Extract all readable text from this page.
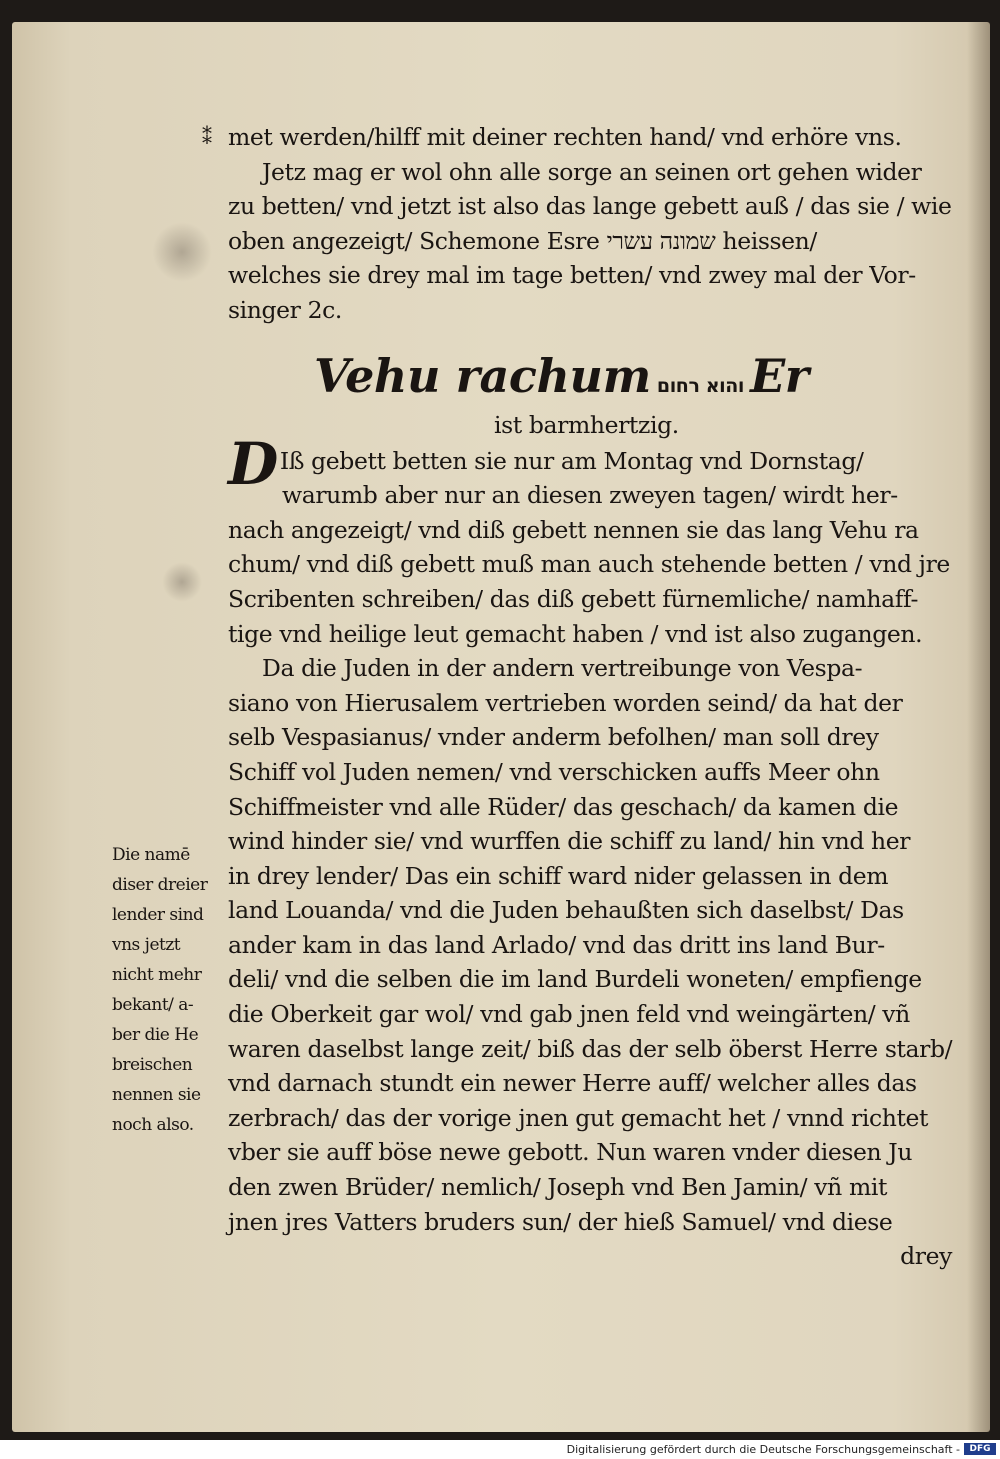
⁑ met werden/hilff mit deiner rechten hand/ vnd erhöre vns.
Jetz mag er wol ohn alle sorge an seinen ort gehen wider
zu betten/ vnd jetzt ist also das lange gebett auß / das sie / wie
oben angezeigt/ Schemone Esre שמונה עשרי heissen/
welches sie drey mal im tage betten/ vnd zwey mal der Vor-
singer 2c.
Vehu rachum והוא רחום Er
ist barmhertzig.
DIß gebett betten sie nur am Montag vnd Dornstag/
warumb aber nur an diesen zweyen tagen/ wirdt her-
nach angezeigt/ vnd diß gebett nennen sie das lang Vehu ra
chum/ vnd diß gebett muß man auch stehende betten / vnd jre
Scribenten schreiben/ das diß gebett fürnemliche/ namhaff-
tige vnd heilige leut gemacht haben / vnd ist also zugangen.
Da die Juden in der andern vertreibunge von Vespa-
siano von Hierusalem vertrieben worden seind/ da hat der
selb Vespasianus/ vnder anderm befolhen/ man soll drey
Schiff vol Juden nemen/ vnd verschicken auffs Meer ohn
Schiffmeister vnd alle Rüder/ das geschach/ da kamen die
wind hinder sie/ vnd wurffen die schiff zu land/ hin vnd her
in drey lender/ Das ein schiff ward nider gelassen in dem
land Louanda/ vnd die Juden behaußten sich daselbst/ Das
ander kam in das land Arlado/ vnd das dritt ins land Bur-
deli/ vnd die selben die im land Burdeli woneten/ empfienge
die Oberkeit gar wol/ vnd gab jnen feld vnd weingärten/ vñ
waren daselbst lange zeit/ biß das der selb öberst Herre starb/
vnd darnach stundt ein newer Herre auff/ welcher alles das
zerbrach/ das der vorige jnen gut gemacht het / vnnd richtet
vber sie auff böse newe gebott. Nun waren vnder diesen Ju
den zwen Brüder/ nemlich/ Joseph vnd Ben Jamin/ vñ mit
jnen jres Vatters bruders sun/ der hieß Samuel/ vnd diese
drey
Die namē
diser dreier
lender sind
vns jetzt
nicht mehr
bekant/ a-
ber die He
breischen
nennen sie
noch also.
Digitalisierung gefördert durch die Deutsche Forschungsgemeinschaft -	DFG
